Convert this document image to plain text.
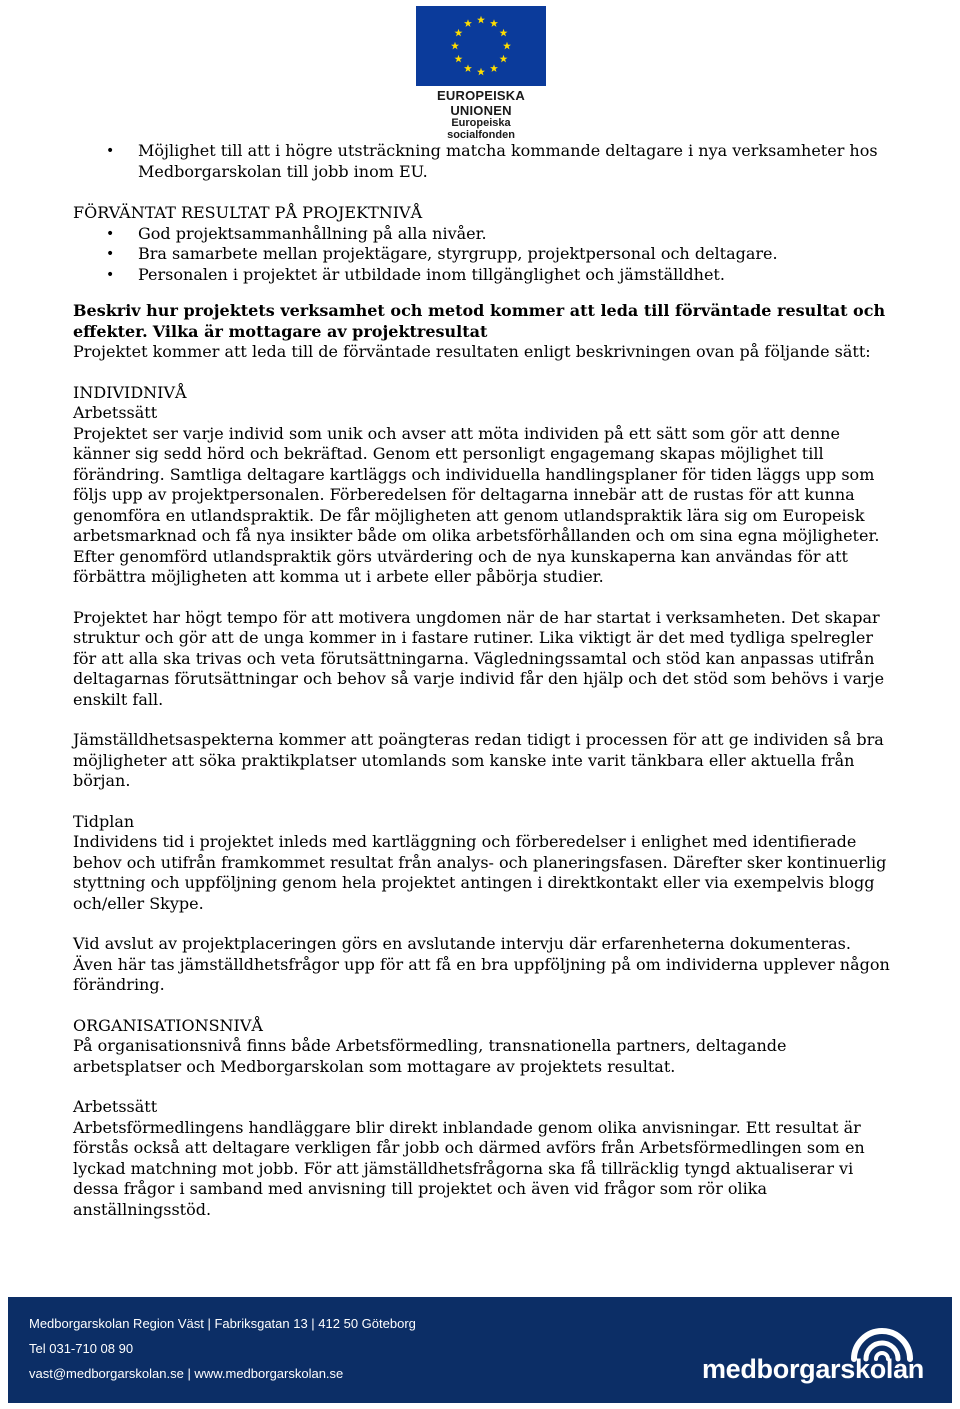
EUROPEISKA UNIONEN
Europeiska socialfonden
• Möjlighet till att i högre utsträckning matcha kommande deltagare i nya verksamheter hos Medborgarskolan till jobb inom EU.

FÖRVÄNTAT RESULTAT PÅ PROJEKTNIVÅ

• God projektsammanhållning på alla nivåer.
• Bra samarbete mellan projektägare, styrgrupp, projektpersonal och deltagare.
• Personalen i projektet är utbildade inom tillgänglighet och jämställdhet.

Beskriv hur projektets verksamhet och metod kommer att leda till förväntade resultat och effekter. Vilka är mottagare av projektresultat

Projektet kommer att leda till de förväntade resultaten enligt beskrivningen ovan på följande sätt:

INDIVIDNIVÅ

Arbetssätt

Projektet ser varje individ som unik och avser att möta individen på ett sätt som gör att denne känner sig sedd hörd och bekräftad. Genom ett personligt engagemang skapas möjlighet till förändring. Samtliga deltagare kartläggs och individuella handlingsplaner för tiden läggs upp som följs upp av projektpersonalen. Förberedelsen för deltagarna innebär att de rustas för att kunna genomföra en utlandspraktik. De får möjligheten att genom utlandspraktik lära sig om Europeisk arbetsmarknad och få nya insikter både om olika arbetsförhållanden och om sina egna möjligheter. Efter genomförd utlandspraktik görs utvärdering och de nya kunskaperna kan användas för att förbättra möjligheten att komma ut i arbete eller påbörja studier.

Projektet har högt tempo för att motivera ungdomen när de har startat i verksamheten. Det skapar struktur och gör att de unga kommer in i fastare rutiner. Lika viktigt är det med tydliga spelregler för att alla ska trivas och veta förutsättningarna. Vägledningssamtal och stöd kan anpassas utifrån deltagarnas förutsättningar och behov så varje individ får den hjälp och det stöd som behövs i varje enskilt fall.

Jämställdhetsaspekterna kommer att poängteras redan tidigt i processen för att ge individen så bra möjligheter att söka praktikplatser utomlands som kanske inte varit tänkbara eller aktuella från början.

Tidplan

Individens tid i projektet inleds med kartläggning och förberedelser i enlighet med identifierade behov och utifrån framkommet resultat från analys- och planeringsfasen. Därefter sker kontinuerlig styttning och uppföljning genom hela projektet antingen i direktkontakt eller via exempelvis blogg och/eller Skype.

Vid avslut av projektplaceringen görs en avslutande intervju där erfarenheterna dokumenteras. Även här tas jämställdhetsfrågor upp för att få en bra uppföljning på om individerna upplever någon förändring.

ORGANISATIONSNIVÅ

På organisationsnivå finns både Arbetsförmedling, transnationella partners, deltagande arbetsplatser och Medborgarskolan som mottagare av projektets resultat.

Arbetssätt

Arbetsförmedlingens handläggare blir direkt inblandade genom olika anvisningar. Ett resultat är förstås också att deltagare verkligen får jobb och därmed avförs från Arbetsförmedlingen som en lyckad matchning mot jobb. För att jämställdhetsfrågorna ska få tillräcklig tyngd aktualiserar vi dessa frågor i samband med anvisning till projektet och även vid frågor som rör olika anställningsstöd.

Medborgarskolan Region Väst | Fabriksgatan 13 | 412 50 Göteborg
Tel 031-710 08 90
vast@medborgarskolan.se | www.medborgarskolan.se	medborgarskolan
